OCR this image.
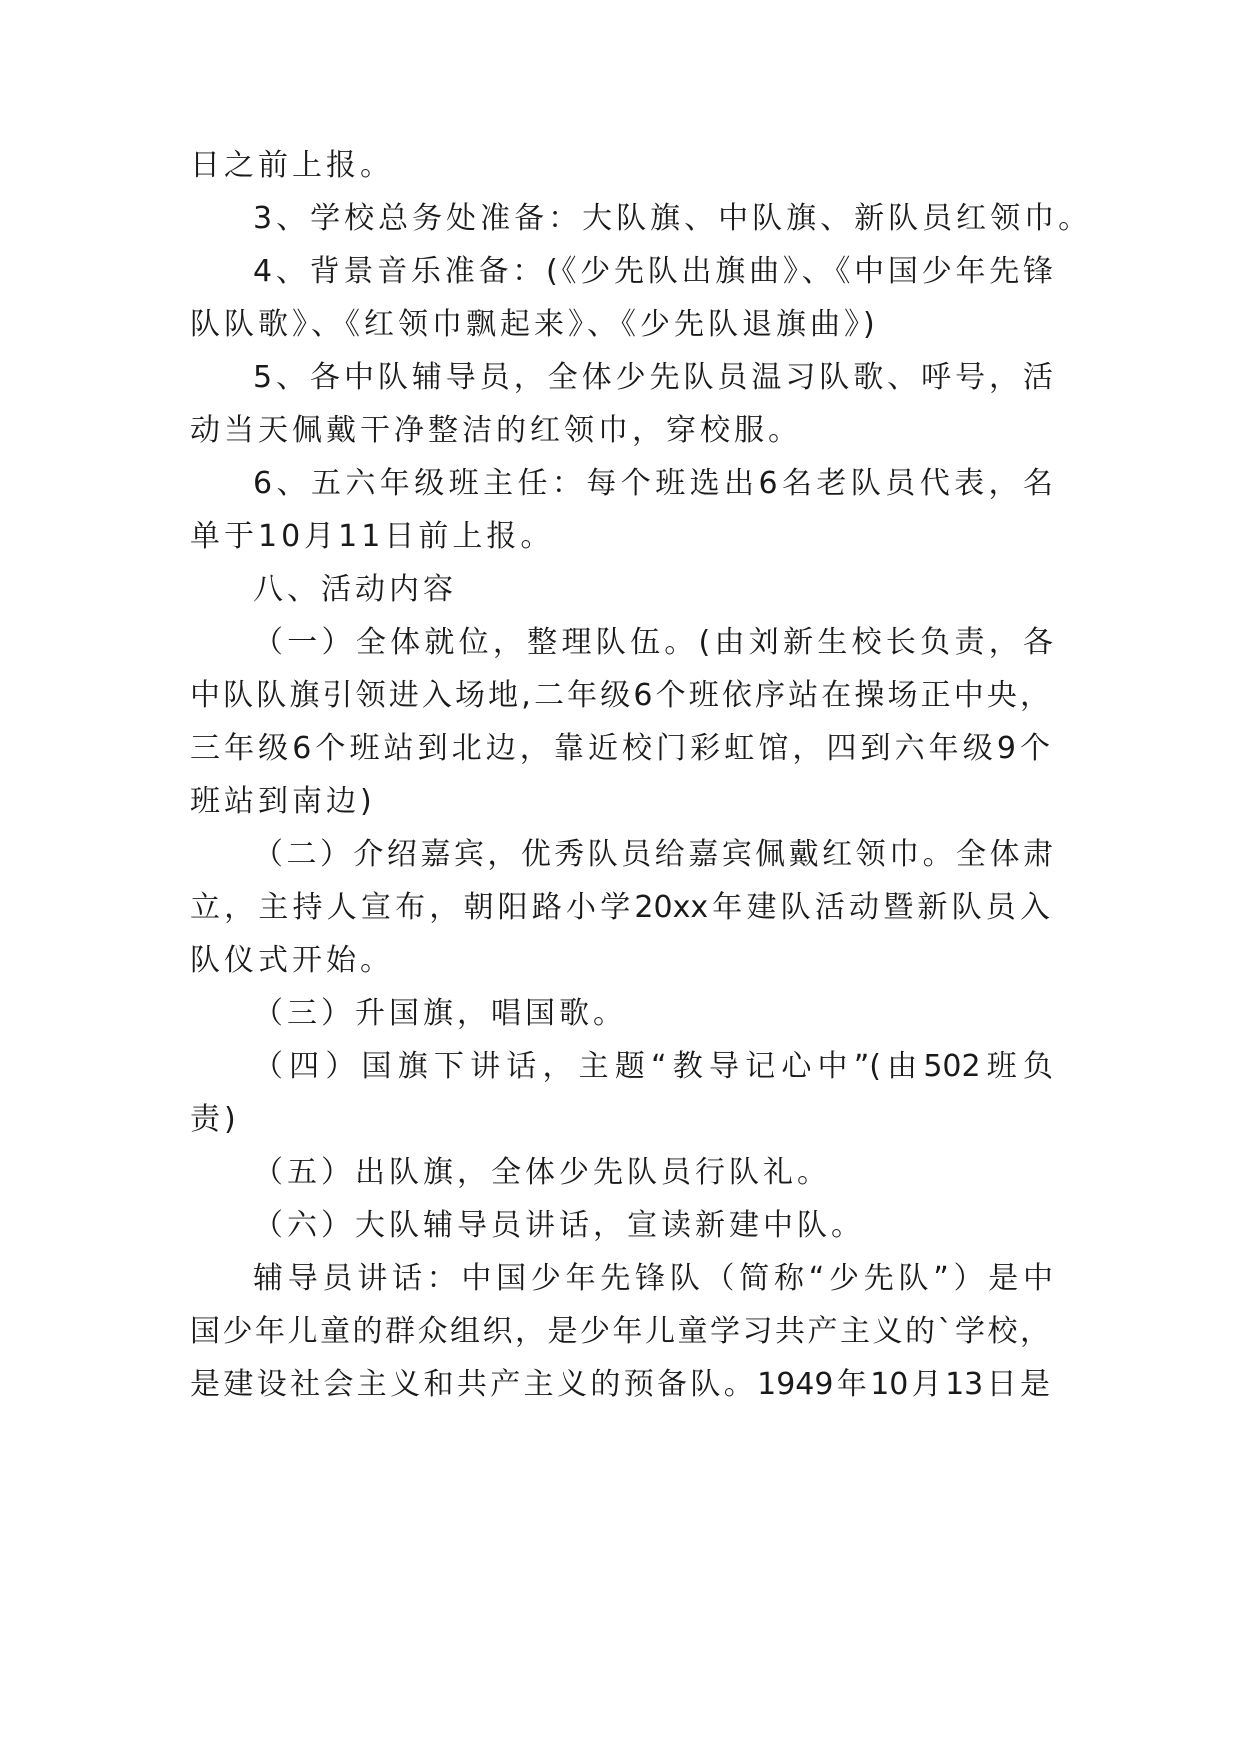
日之前上报。
3、学校总务处准备：大队旗、中队旗、新队员红领巾。
4、背景音乐准备：(《少先队出旗曲》、《中国少年先锋
队队歌》、《红领巾飘起来》、《少先队退旗曲》)
5、各中队辅导员，全体少先队员温习队歌、呼号，活
动当天佩戴干净整洁的红领巾，穿校服。
6、五六年级班主任：每个班选出6名老队员代表，名
单于10月11日前上报。
八、活动内容
（一）全体就位，整理队伍。(由刘新生校长负责，各
中队队旗引领进入场地,二年级6个班依序站在操场正中央，
三年级6个班站到北边，靠近校门彩虹馆，四到六年级9个
班站到南边)
（二）介绍嘉宾，优秀队员给嘉宾佩戴红领巾。全体肃
立，主持人宣布，朝阳路小学20xx年建队活动暨新队员入
队仪式开始。
（三）升国旗，唱国歌。
（四）国旗下讲话，主题“教导记心中”(由502班负
责)
（五）出队旗，全体少先队员行队礼。
（六）大队辅导员讲话，宣读新建中队。
辅导员讲话：中国少年先锋队（简称“少先队”）是中
国少年儿童的群众组织，是少年儿童学习共产主义的`学校，
是建设社会主义和共产主义的预备队。1949年10月13日是
